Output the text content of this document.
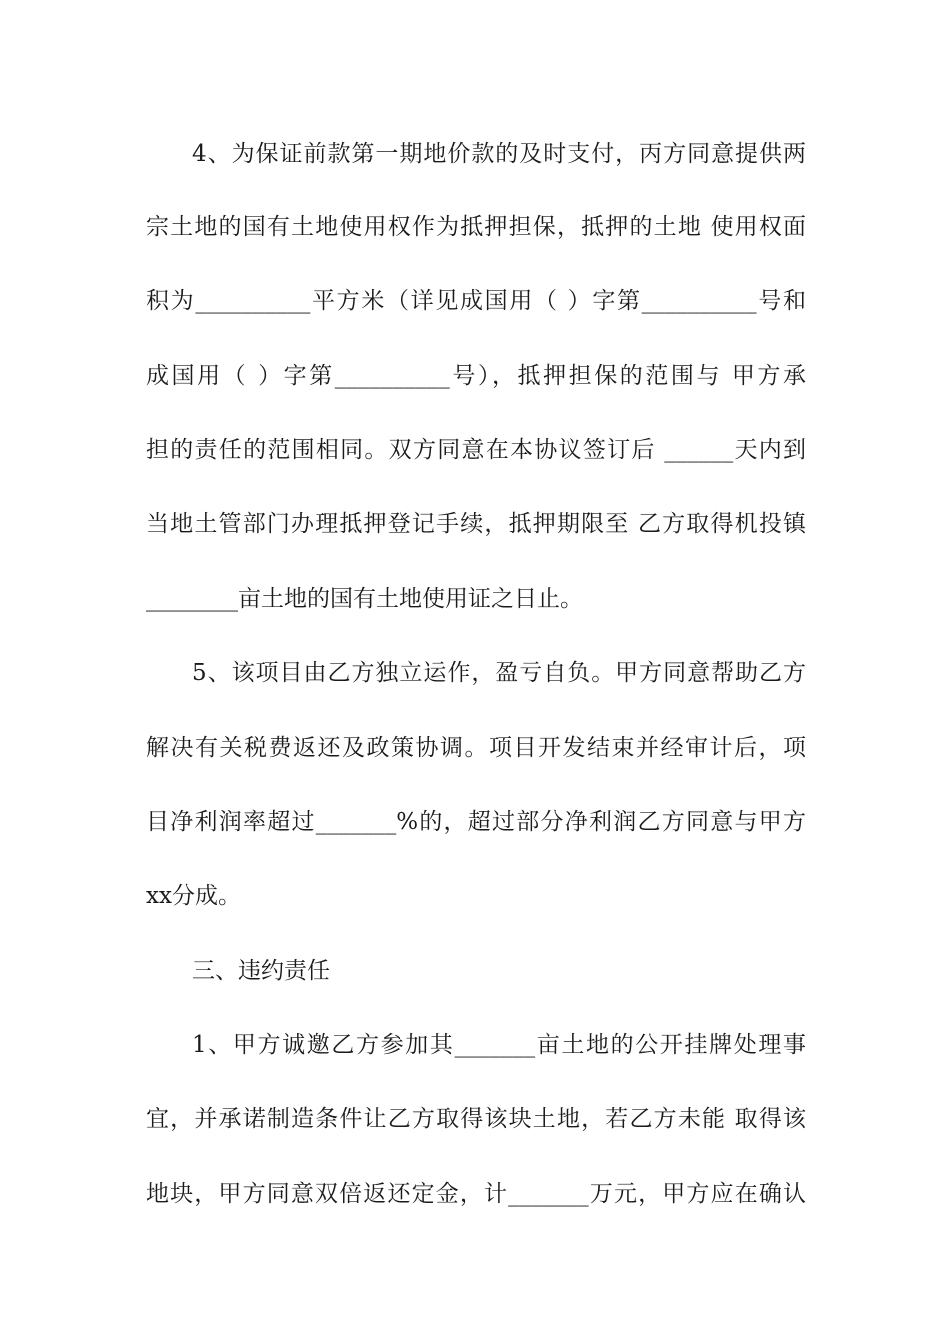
4、为保证前款第一期地价款的及时支付，丙方同意提供两
宗土地的国有土地使用权作为抵押担保，抵押的土地 使用权面
积为__________平方米（详见成国用（ ）字第__________号和
成国用（ ）字第__________号），抵押担保的范围与 甲方承
担的责任的范围相同。双方同意在本协议签订后 ______天内到
当地土管部门办理抵押登记手续，抵押期限至 乙方取得机投镇
________亩土地的国有土地使用证之日止。
5、该项目由乙方独立运作，盈亏自负。甲方同意帮助乙方
解决有关税费返还及政策协调。项目开发结束并经审计后，项
目净利润率超过_______%的，超过部分净利润乙方同意与甲方
xx分成。
三、违约责任
1、甲方诚邀乙方参加其_______亩土地的公开挂牌处理事
宜，并承诺制造条件让乙方取得该块土地，若乙方未能 取得该
地块，甲方同意双倍返还定金，计_______万元，甲方应在确认
